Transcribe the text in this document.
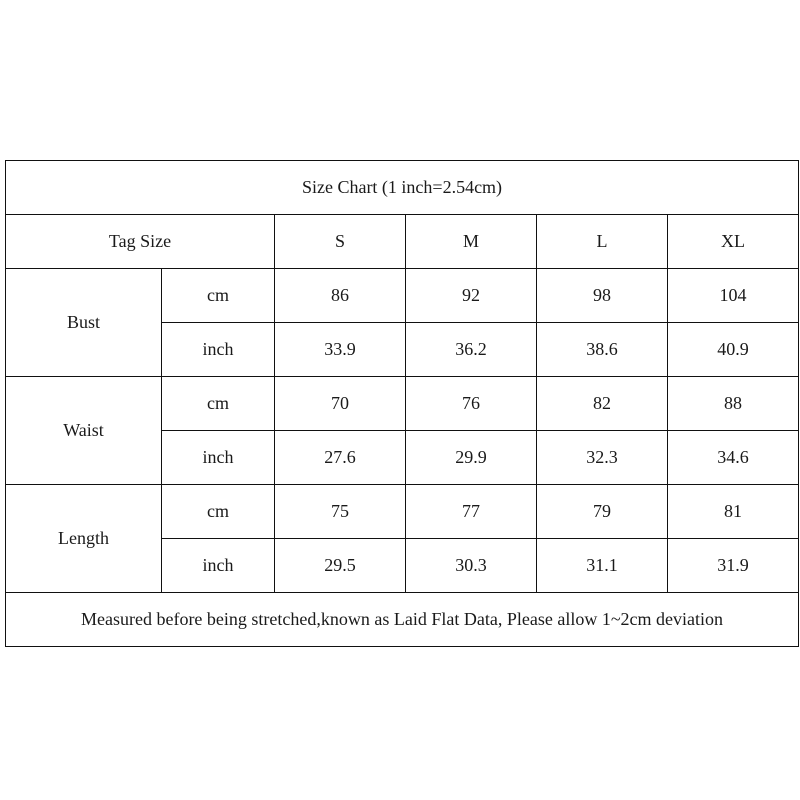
Size Chart (1 inch=2.54cm)					
Tag Size		S	M	L	XL
Bust	cm	86	92	98	104
	inch	33.9	36.2	38.6	40.9
Waist	cm	70	76	82	88
	inch	27.6	29.9	32.3	34.6
Length	cm	75	77	79	81
	inch	29.5	30.3	31.1	31.9
Measured before being stretched,known as Laid Flat Data, Please allow 1~2cm deviation					
